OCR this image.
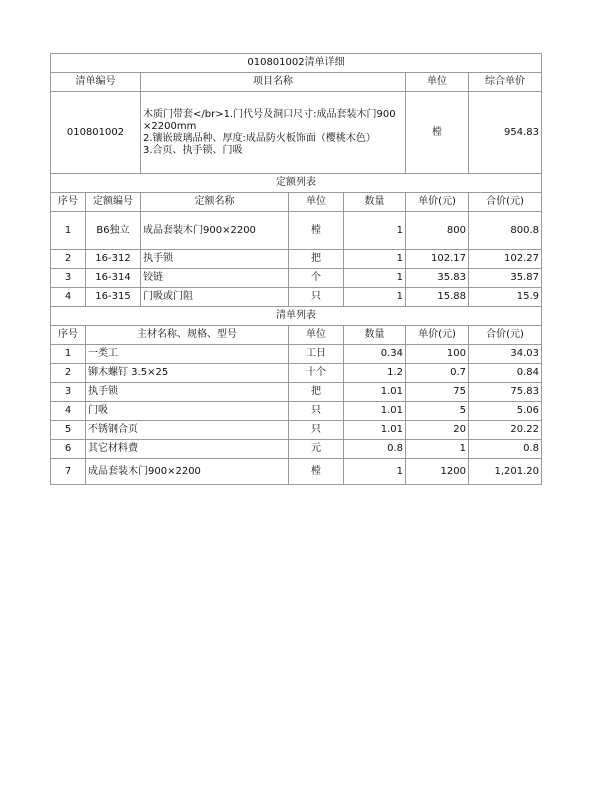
010801002清单详细						
清单编号		项目名称			单位	综合单价
010801002		木质门带套</br>1.门代号及洞口尺寸:成品套装木门900×2200mm
2.镶嵌玻璃品种、厚度:成品防火板饰面（樱桃木色）
3.合页、执手锁、门吸			樘	954.83
定额列表						
序号	定额编号	定额名称	单位	数量	单价(元)	合价(元)
1	B6独立	成品套装木门900×2200	樘	1	800	800.8
2	16-312	执手锁	把	1	102.17	102.27
3	16-314	铰链	个	1	35.83	35.87
4	16-315	门吸或门阻	只	1	15.88	15.9
清单列表						
序号	主材名称、规格、型号		单位	数量	单价(元)	合价(元)
1	一类工		工日	0.34	100	34.03
2	铆木螺钉 3.5×25		十个	1.2	0.7	0.84
3	执手锁		把	1.01	75	75.83
4	门吸		只	1.01	5	5.06
5	不锈钢合页		只	1.01	20	20.22
6	其它材料费		元	0.8	1	0.8
7	成品套装木门900×2200		樘	1	1200	1,201.20
